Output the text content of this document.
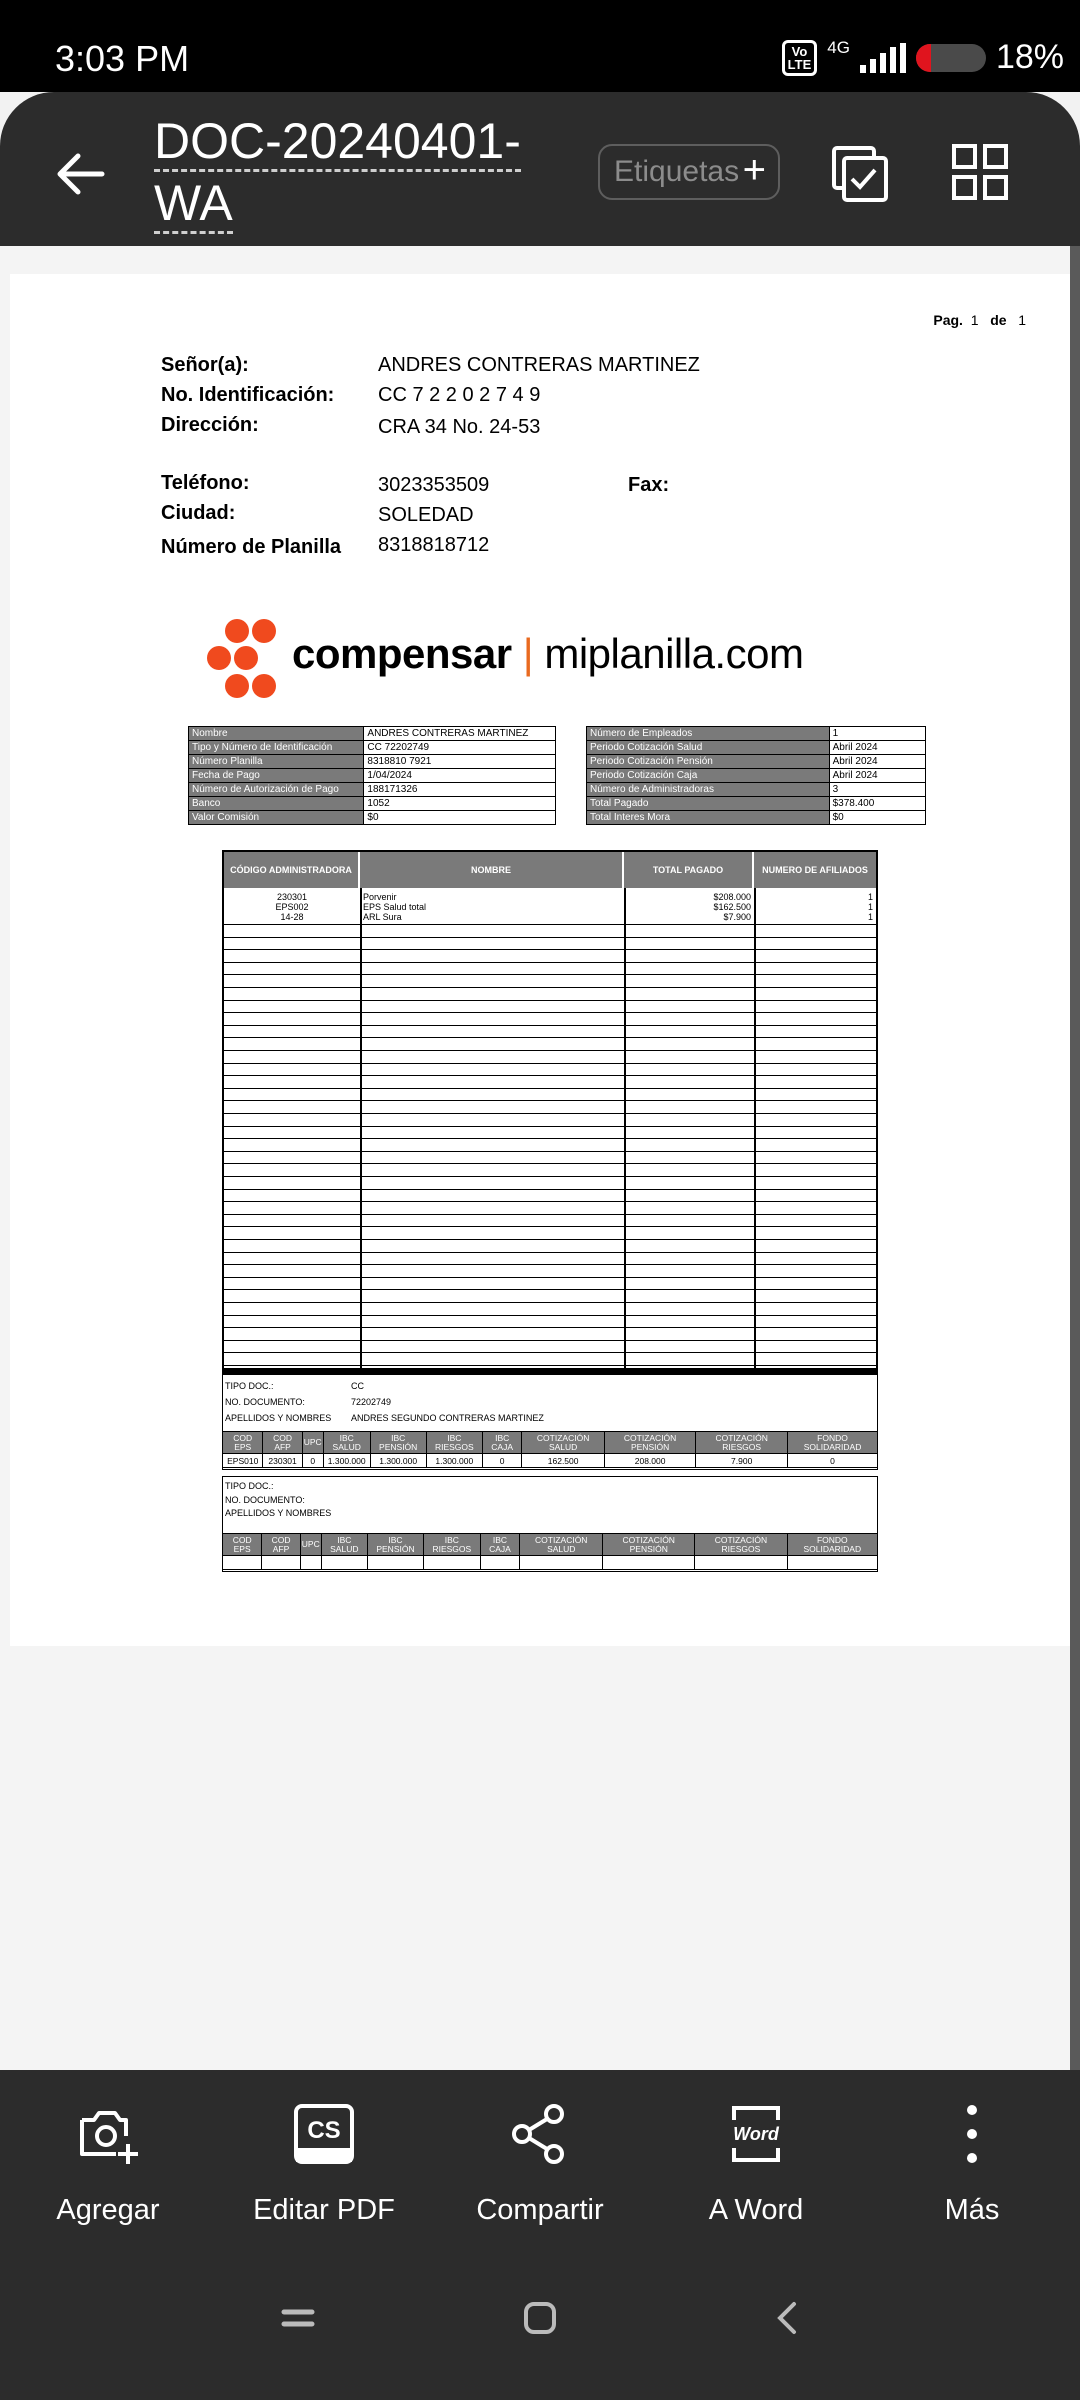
3:03 PM	Vo
LTE
4G	18%
DOC-20240401-WA

Etiquetas +
Pag. 1 de 1
Señor(a):	ANDRES CONTRERAS MARTINEZ
No. Identificación: CC 7 2 2 0 2 7 4 9
Dirección:	CRA 34 No. 24-53
Teléfono:	3023353509	Fax:
Ciudad:	SOLEDAD
Número de Planilla 8318818712
compensar | miplanilla.com
Nombre	ANDRES CONTRERAS MARTINEZ
Tipo y Número de Identificación	CC 72202749
Número Planilla	8318810 7921
Fecha de Pago	1/04/2024
Número de Autorización de Pago	188171326
Banco	1052
Valor Comisión	$0
Número de Empleados	1
Periodo Cotización Salud	Abril 2024
Periodo Cotización Pensión	Abril 2024
Periodo Cotización Caja	Abril 2024
Número de Administradoras	3
Total Pagado	$378.400
Total Interes Mora	$0
CÓDIGO ADMINISTRADORA	NOMBRE	TOTAL PAGADO	NUMERO DE AFILIADOS
230301	Porvenir	$208.000	1
EPS002	EPS Salud total	$162.500	1
14-28	ARL Sura	$7.900	1
TIPO DOC.:	CC
NO. DOCUMENTO:	72202749
APELLIDOS Y NOMBRES ANDRES SEGUNDO CONTRERAS MARTINEZ
COD EPS	COD AFP	UPC	IBC SALUD	IBC PENSIÓN	IBC RIESGOS	IBC CAJA	COTIZACIÓN SALUD	COTIZACIÓN PENSIÓN	COTIZACIÓN RIESGOS	FONDO SOLIDARIDAD
EPS010	230301	0	1.300.000	1.300.000	1.300.000	0	162.500	208.000	7.900	0
TIPO DOC.:
NO. DOCUMENTO:
APELLIDOS Y NOMBRES
COD EPS	COD AFP	UPC	IBC SALUD	IBC PENSIÓN	IBC RIESGOS	IBC CAJA	COTIZACIÓN SALUD	COTIZACIÓN PENSIÓN	COTIZACIÓN RIESGOS	FONDO SOLIDARIDAD

Agregar
CS
Editar PDF	Compartir
Word
A Word	Más
